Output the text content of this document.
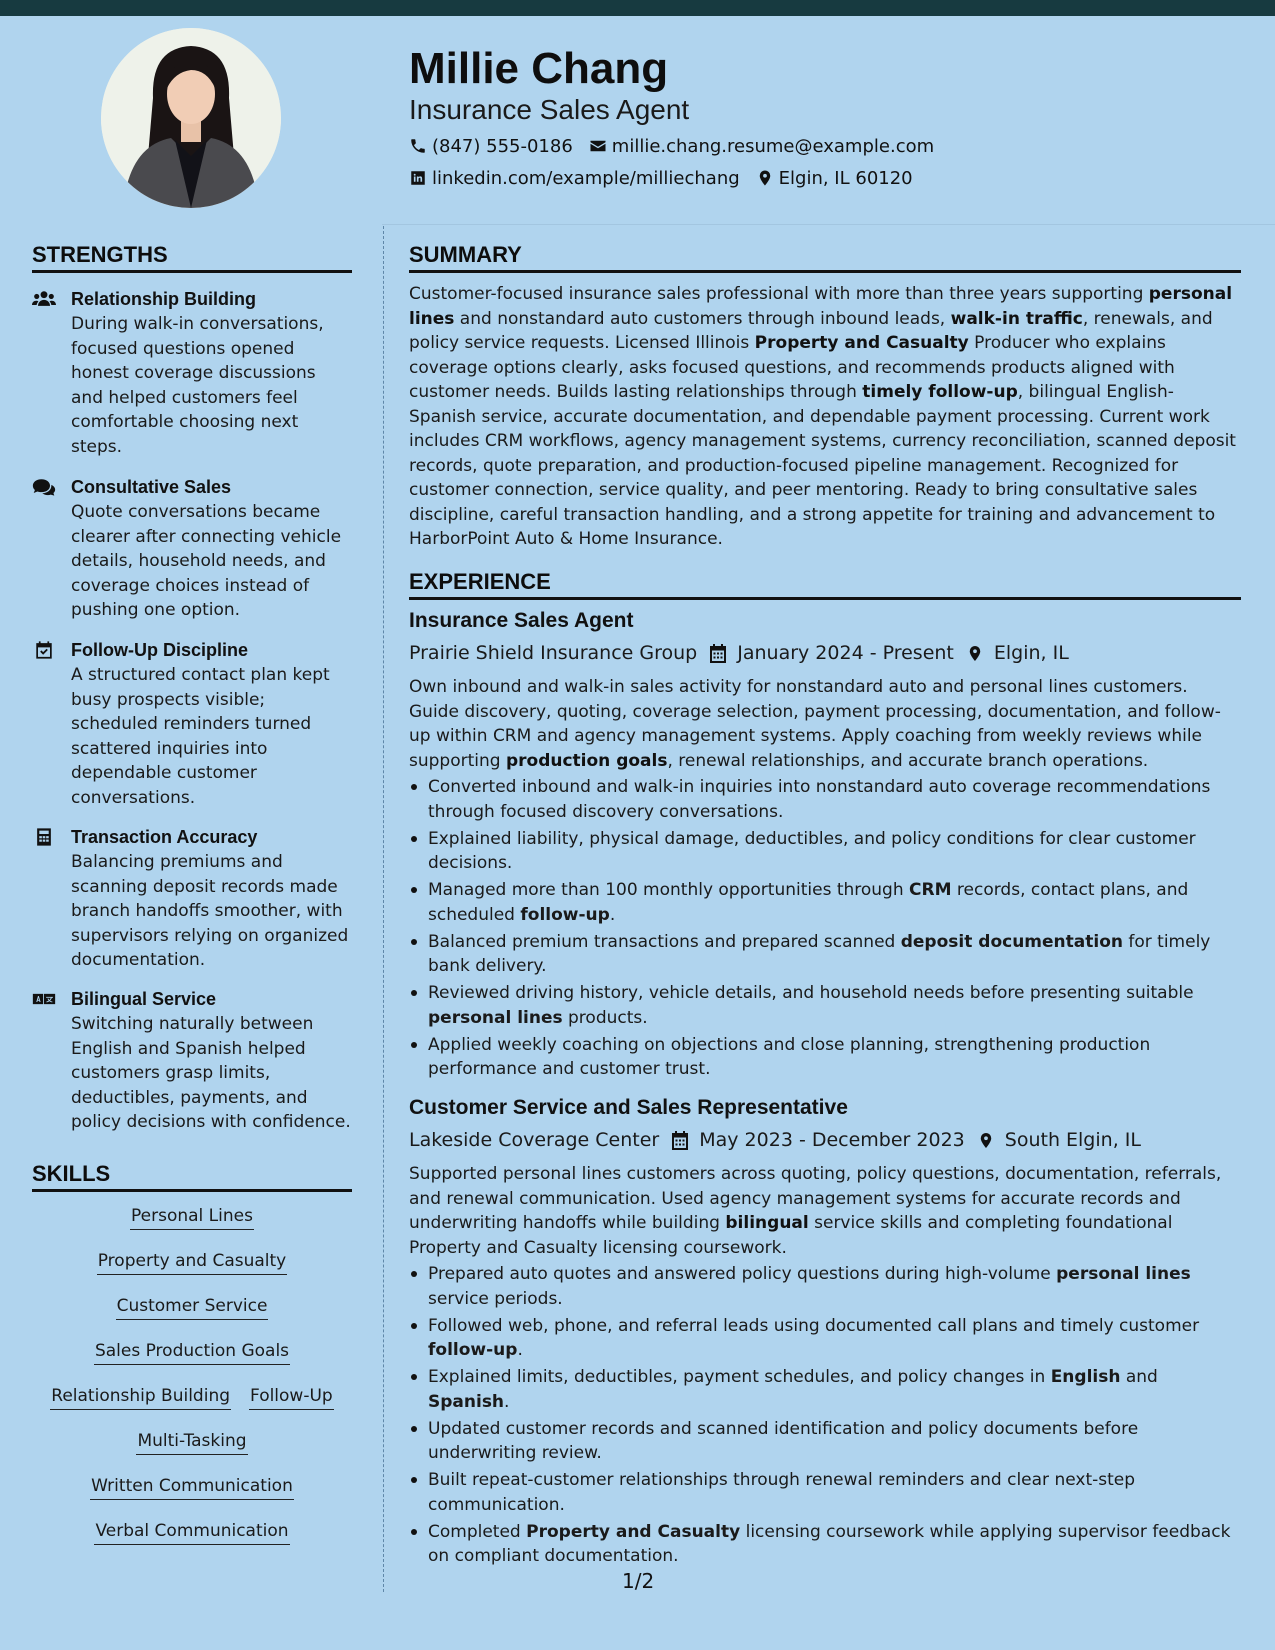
Millie Chang
Insurance Sales Agent
(847) 555-0186 millie.chang.resume@example.com
linkedin.com/example/milliechang Elgin, IL 60120
STRENGTHS
Relationship Building
During walk-in conversations, focused questions opened honest coverage discussions and helped customers feel comfortable choosing next steps.
Consultative Sales
Quote conversations became clearer after connecting vehicle details, household needs, and coverage choices instead of pushing one option.
Follow-Up Discipline
A structured contact plan kept busy prospects visible; scheduled reminders turned scattered inquiries into dependable customer conversations.
Transaction Accuracy
Balancing premiums and scanning deposit records made branch handoffs smoother, with supervisors relying on organized documentation.
Bilingual Service
Switching naturally between English and Spanish helped customers grasp limits, deductibles, payments, and policy decisions with confidence.
SKILLS
Personal Lines
Property and Casualty
Customer Service
Sales Production Goals
Relationship Building Follow-Up
Multi-Tasking
Written Communication
Verbal Communication
SUMMARY
Customer-focused insurance sales professional with more than three years supporting personal lines and nonstandard auto customers through inbound leads, walk-in traffic, renewals, and policy service requests. Licensed Illinois Property and Casualty Producer who explains coverage options clearly, asks focused questions, and recommends products aligned with customer needs. Builds lasting relationships through timely follow-up, bilingual English-Spanish service, accurate documentation, and dependable payment processing. Current work includes CRM workflows, agency management systems, currency reconciliation, scanned deposit records, quote preparation, and production-focused pipeline management. Recognized for customer connection, service quality, and peer mentoring. Ready to bring consultative sales discipline, careful transaction handling, and a strong appetite for training and advancement to HarborPoint Auto & Home Insurance.
EXPERIENCE
Insurance Sales Agent
Prairie Shield Insurance Group January 2024 - Present Elgin, IL
Own inbound and walk-in sales activity for nonstandard auto and personal lines customers. Guide discovery, quoting, coverage selection, payment processing, documentation, and follow-up within CRM and agency management systems. Apply coaching from weekly reviews while supporting production goals, renewal relationships, and accurate branch operations.
Converted inbound and walk-in inquiries into nonstandard auto coverage recommendations through focused discovery conversations.
Explained liability, physical damage, deductibles, and policy conditions for clear customer decisions.
Managed more than 100 monthly opportunities through CRM records, contact plans, and scheduled follow-up.
Balanced premium transactions and prepared scanned deposit documentation for timely bank delivery.
Reviewed driving history, vehicle details, and household needs before presenting suitable personal lines products.
Applied weekly coaching on objections and close planning, strengthening production performance and customer trust.
Customer Service and Sales Representative
Lakeside Coverage Center May 2023 - December 2023 South Elgin, IL
Supported personal lines customers across quoting, policy questions, documentation, referrals, and renewal communication. Used agency management systems for accurate records and underwriting handoffs while building bilingual service skills and completing foundational Property and Casualty licensing coursework.
Prepared auto quotes and answered policy questions during high-volume personal lines service periods.
Followed web, phone, and referral leads using documented call plans and timely customer follow-up.
Explained limits, deductibles, payment schedules, and policy changes in English and Spanish.
Updated customer records and scanned identification and policy documents before underwriting review.
Built repeat-customer relationships through renewal reminders and clear next-step communication.
Completed Property and Casualty licensing coursework while applying supervisor feedback on compliant documentation.
1/2
